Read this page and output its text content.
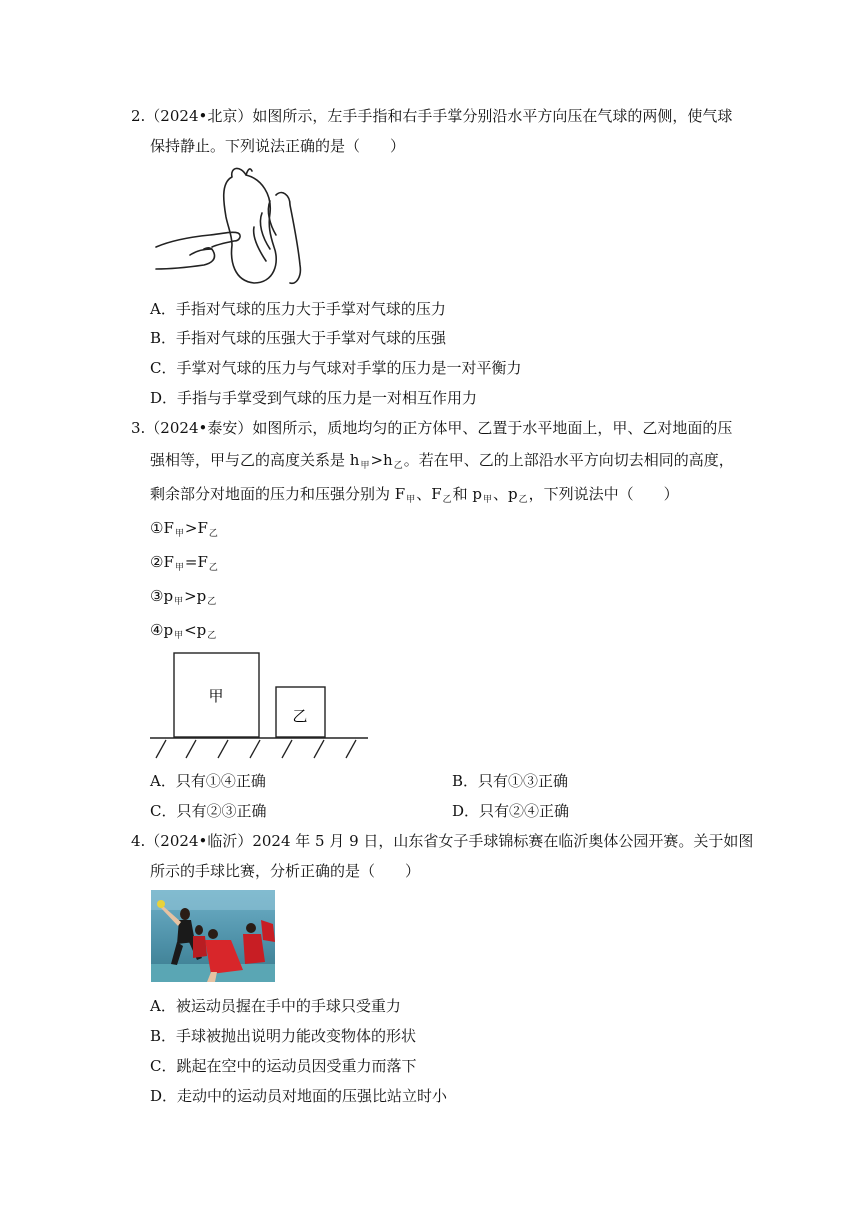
2.（2024•北京）如图所示，左手手指和右手手掌分别沿水平方向压在气球的两侧，使气球
保持静止。下列说法正确的是（　　）
A．手指对气球的压力大于手掌对气球的压力
B．手指对气球的压强大于手掌对气球的压强
C．手掌对气球的压力与气球对手掌的压力是一对平衡力
D．手指与手掌受到气球的压力是一对相互作用力
3.（2024•泰安）如图所示，质地均匀的正方体甲、乙置于水平地面上，甲、乙对地面的压
强相等，甲与乙的高度关系是 $h_甲>h_乙$。若在甲、乙的上部沿水平方向切去相同的高度，
剩余部分对地面的压力和压强分别为 $F_甲$、$F_乙$和 $p_甲$、$p_乙$，下列说法中（　　）
$①F_甲>F_乙$
$②F_甲=F_乙$
$③p_甲>p_乙$
$④p_甲<p_乙$
甲
乙
A．只有①④正确	B．只有①③正确
C．只有②③正确	D．只有②④正确
4.（2024•临沂）2024 年 5 月 9 日，山东省女子手球锦标赛在临沂奥体公园开赛。关于如图
所示的手球比赛，分析正确的是（　　）
A．被运动员握在手中的手球只受重力
B．手球被抛出说明力能改变物体的形状
C．跳起在空中的运动员因受重力而落下
D．走动中的运动员对地面的压强比站立时小
